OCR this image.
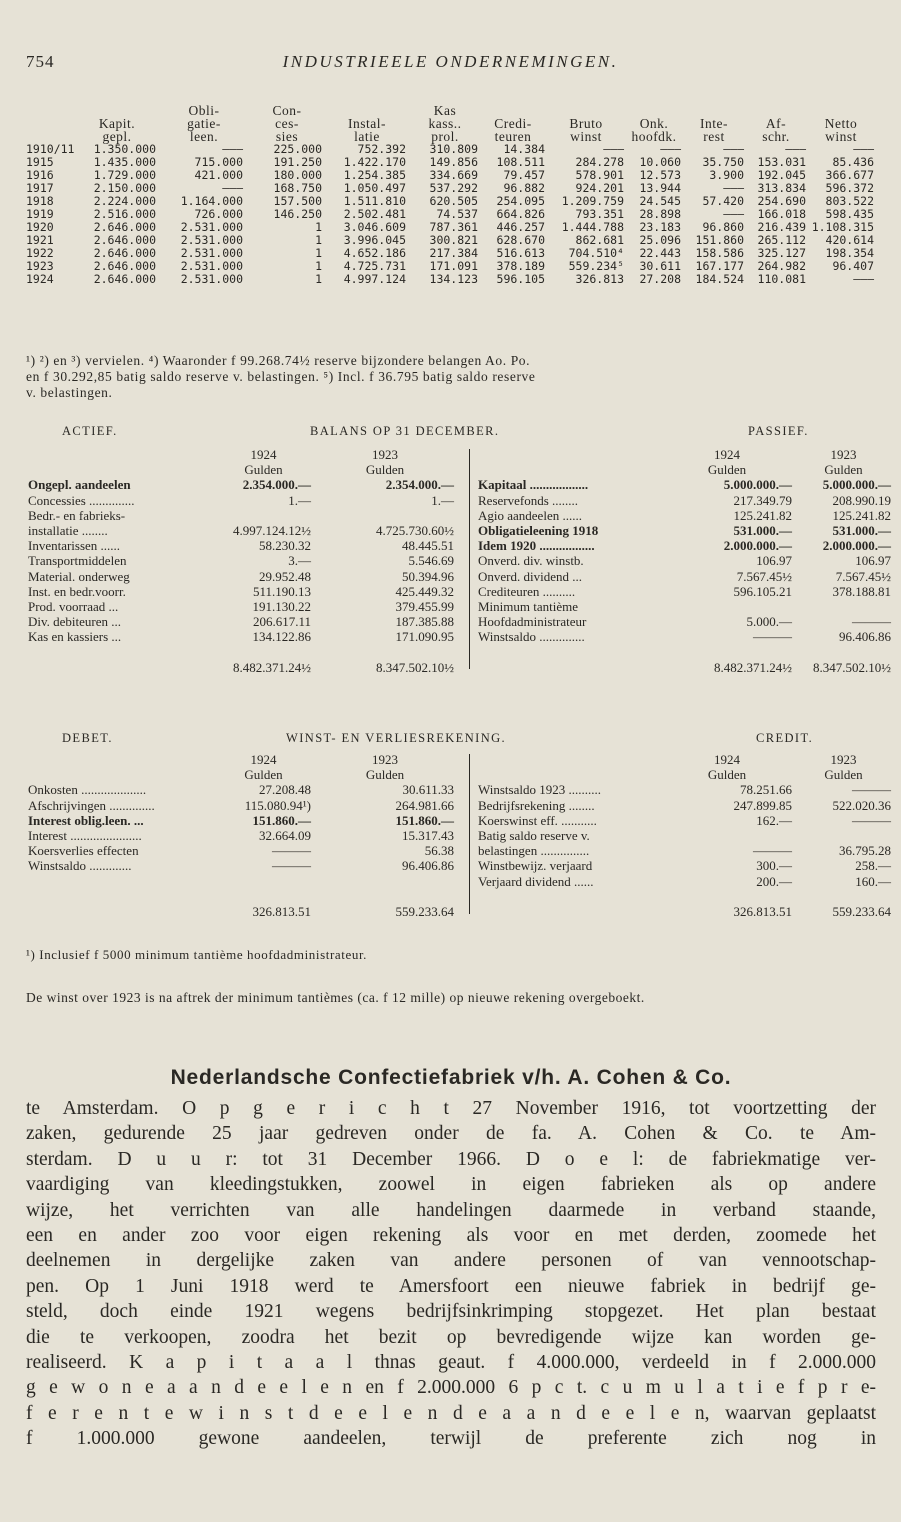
754	INDUSTRIEELE ONDERNEMINGEN.
Obli-	Con-	Kas
Kapit.	gatie-	ces-	Instal-	kass..	Credi-	Bruto	Onk.	Inte-	Af-	Netto
gepl.	leen.	sies	latie	prol.	teuren	winst	hoofdk.	rest	schr.	winst
1910/11	1.350.000	———	225.000	752.392	310.809	14.384	———	———	———	———	———
1915	1.435.000	715.000	191.250	1.422.170	149.856	108.511	284.278	10.060	35.750	153.031	85.436
1916	1.729.000	421.000	180.000	1.254.385	334.669	79.457	578.901	12.573	3.900	192.045	366.677
1917	2.150.000	———	168.750	1.050.497	537.292	96.882	924.201	13.944	———	313.834	596.372
1918	2.224.000	1.164.000	157.500	1.511.810	620.505	254.095	1.209.759	24.545	57.420	254.690	803.522
1919	2.516.000	726.000	146.250	2.502.481	74.537	664.826	793.351	28.898	———	166.018	598.435
1920	2.646.000	2.531.000	1	3.046.609	787.361	446.257	1.444.788	23.183	96.860	216.439 1.108.315
1921	2.646.000	2.531.000	1	3.996.045	300.821	628.670	862.681	25.096	151.860	265.112	420.614
1922	2.646.000	2.531.000	1	4.652.186	217.384	516.613	704.510⁴	22.443	158.586	325.127	198.354
1923	2.646.000	2.531.000	1	4.725.731	171.091	378.189	559.234⁵	30.611	167.177	264.982	96.407
1924	2.646.000	2.531.000	1	4.997.124	134.123	596.105	326.813	27.208	184.524	110.081	———
¹) ²) en ³) vervielen. ⁴) Waaronder f 99.268.74½ reserve bijzondere belangen Ao. Po.
en f 30.292,85 batig saldo reserve v. belastingen. ⁵) Incl. f 36.795 batig saldo reserve
v. belastingen.
ACTIEF.	BALANS OP 31 DECEMBER.	PASSIEF.
1924	1923	1924	1923
Gulden	Gulden	Gulden	Gulden
Ongepl. aandeelen	2.354.000.—	2.354.000.— Kapitaal ..................	5.000.000.—	5.000.000.—
Concessies ..............	1.—	1.— Reservefonds ........	217.349.79	208.990.19
Bedr.- en fabrieks-	Agio aandeelen ......	125.241.82	125.241.82
installatie ........	4.997.124.12½	4.725.730.60½ Obligatieleening 1918	531.000.—	531.000.—
Inventarissen ......	58.230.32	48.445.51 Idem 1920 .................	2.000.000.—	2.000.000.—
Transportmiddelen	3.—	5.546.69 Onverd. div. winstb.	106.97	106.97
Material. onderweg	29.952.48	50.394.96 Onverd. dividend ...	7.567.45½	7.567.45½
Inst. en bedr.voorr.	511.190.13	425.449.32 Crediteuren ..........	596.105.21	378.188.81
Prod. voorraad ...	191.130.22	379.455.99 Minimum tantième
Div. debiteuren ...	206.617.11	187.385.88 Hoofdadministrateur	5.000.—	———
Kas en kassiers ...	134.122.86	171.090.95 Winstsaldo ..............	———	96.406.86
8.482.371.24½	8.347.502.10½	8.482.371.24½	8.347.502.10½
DEBET.	WINST- EN VERLIESREKENING.	CREDIT.
1924	1923	1924	1923
Gulden	Gulden	Gulden	Gulden
Onkosten ....................	27.208.48	30.611.33 Winstsaldo 1923 ..........	78.251.66	———
Afschrijvingen ..............	115.080.94¹)	264.981.66 Bedrijfsrekening ........	247.899.85	522.020.36
Interest oblig.leen. ...	151.860.—	151.860.— Koerswinst eff. ...........	162.—	———
Interest ......................	32.664.09	15.317.43 Batig saldo reserve v.
Koersverlies effecten	———	56.38 belastingen ...............	———	36.795.28
Winstsaldo .............	———	96.406.86 Winstbewijz. verjaard	300.—	258.—
Verjaard dividend ......	200.—	160.—
326.813.51	559.233.64	326.813.51	559.233.64
¹) Inclusief f 5000 minimum tantième hoofdadministrateur.
De winst over 1923 is na aftrek der minimum tantièmes (ca. f 12 mille) op nieuwe rekening overgeboekt.
Nederlandsche Confectiefabriek v/h. A. Cohen & Co.
te Amsterdam. O p g e r i c h t 27 November 1916, tot voortzetting der
zaken, gedurende 25 jaar gedreven onder de fa. A. Cohen & Co. te Am-
sterdam. D u u r: tot 31 December 1966. D o e l: de fabriekmatige ver-
vaardiging van kleedingstukken, zoowel in eigen fabrieken als op andere
wijze, het verrichten van alle handelingen daarmede in verband staande,
een en ander zoo voor eigen rekening als voor en met derden, zoomede het
deelnemen in dergelijke zaken van andere personen of van vennootschap-
pen. Op 1 Juni 1918 werd te Amersfoort een nieuwe fabriek in bedrijf ge-
steld, doch einde 1921 wegens bedrijfsinkrimping stopgezet. Het plan bestaat
die te verkoopen, zoodra het bezit op bevredigende wijze kan worden ge-
realiseerd. K a p i t a a l thnas geaut. f 4.000.000, verdeeld in f 2.000.000
g e w o n e a a n d e e l e n en f 2.000.000 6 p c t. c u m u l a t i e f p r e-
f e r e n t e w i n s t d e e l e n d e a a n d e e l e n, waarvan geplaatst
f 1.000.000 gewone aandeelen, terwijl de preferente zich nog in
